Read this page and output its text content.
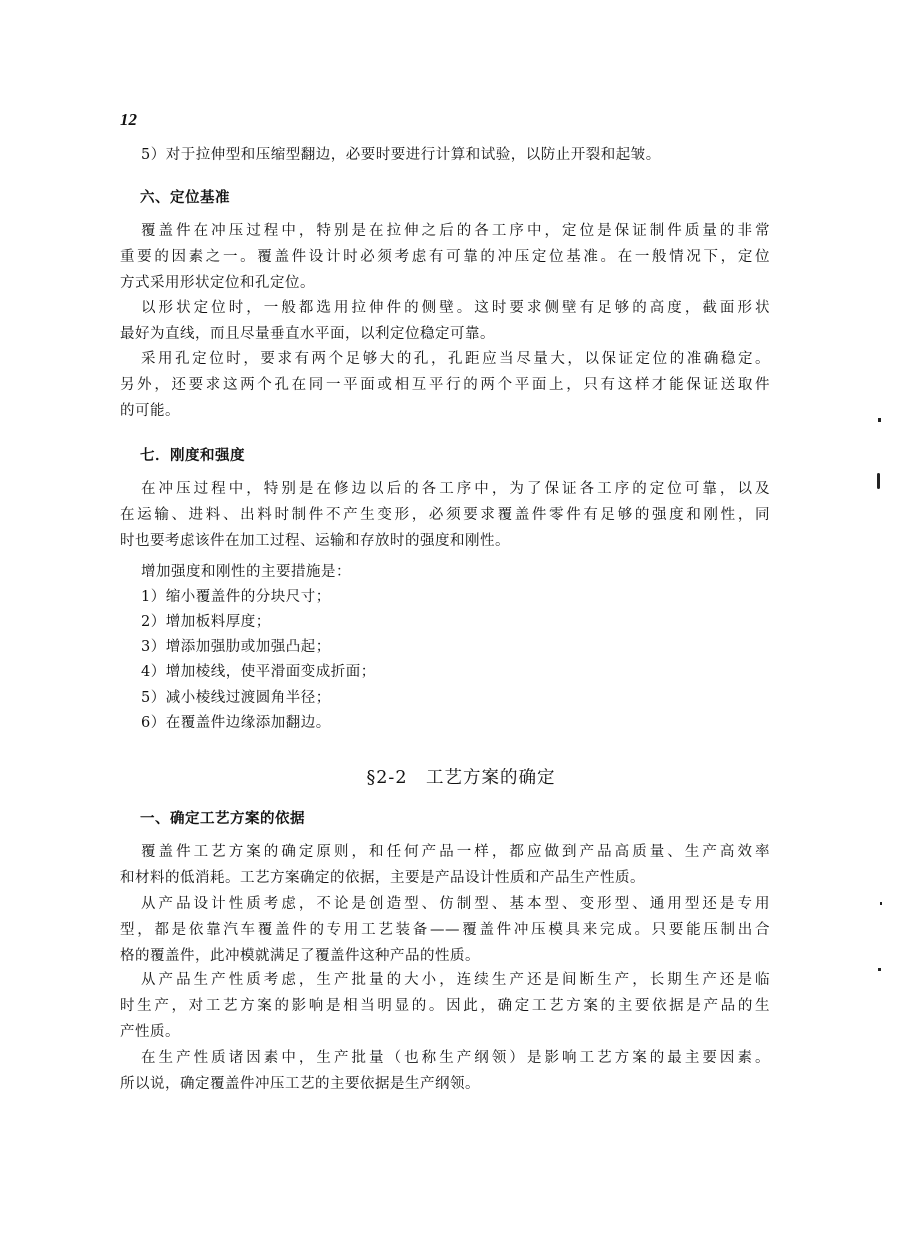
12
5）对于拉伸型和压缩型翻边，必要时要进行计算和试验，以防止开裂和起皱。
六、定位基准
覆盖件在冲压过程中，特别是在拉伸之后的各工序中，定位是保证制件质量的非常
重要的因素之一。覆盖件设计时必须考虑有可靠的冲压定位基准。在一般情况下，定位
方式采用形状定位和孔定位。
以形状定位时，一般都选用拉伸件的侧壁。这时要求侧壁有足够的高度，截面形状
最好为直线，而且尽量垂直水平面，以利定位稳定可靠。
采用孔定位时，要求有两个足够大的孔，孔距应当尽量大，以保证定位的准确稳定。
另外，还要求这两个孔在同一平面或相互平行的两个平面上，只有这样才能保证送取件
的可能。
七．刚度和强度
在冲压过程中，特别是在修边以后的各工序中，为了保证各工序的定位可靠，以及
在运输、进料、出料时制件不产生变形，必须要求覆盖件零件有足够的强度和刚性，同
时也要考虑该件在加工过程、运输和存放时的强度和刚性。
增加强度和刚性的主要措施是：
1）缩小覆盖件的分块尺寸；
2）增加板料厚度；
3）增添加强肋或加强凸起；
4）增加棱线，使平滑面变成折面；
5）减小棱线过渡圆角半径；
6）在覆盖件边缘添加翻边。
§2-2　工艺方案的确定
一、确定工艺方案的依据
覆盖件工艺方案的确定原则，和任何产品一样，都应做到产品高质量、生产高效率
和材料的低消耗。工艺方案确定的依据，主要是产品设计性质和产品生产性质。
从产品设计性质考虑，不论是创造型、仿制型、基本型、变形型、通用型还是专用
型，都是依靠汽车覆盖件的专用工艺装备——覆盖件冲压模具来完成。只要能压制出合
格的覆盖件，此冲模就满足了覆盖件这种产品的性质。
从产品生产性质考虑，生产批量的大小，连续生产还是间断生产，长期生产还是临
时生产，对工艺方案的影响是相当明显的。因此，确定工艺方案的主要依据是产品的生
产性质。
在生产性质诸因素中，生产批量（也称生产纲领）是影响工艺方案的最主要因素。
所以说，确定覆盖件冲压工艺的主要依据是生产纲领。
